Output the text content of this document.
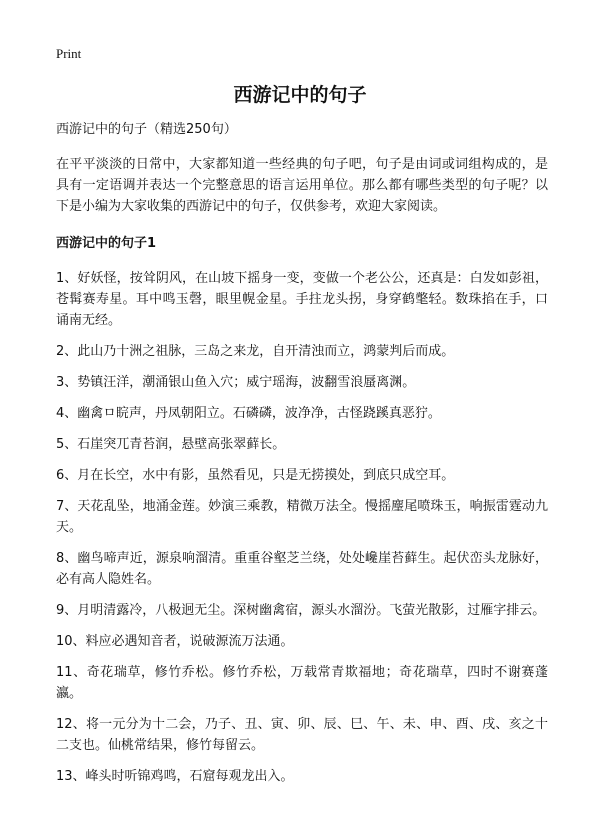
Print
西游记中的句子

西游记中的句子（精选250句）

在平平淡淡的日常中，大家都知道一些经典的句子吧，句子是由词或词组构成的，是具有一定语调并表达一个完整意思的语言运用单位。那么都有哪些类型的句子呢？以下是小编为大家收集的西游记中的句子，仅供参考，欢迎大家阅读。

西游记中的句子1

1、好妖怪，按耸阴风，在山坡下摇身一变，变做一个老公公，还真是：白发如彭祖，苍髯赛寿星。耳中鸣玉磬，眼里幌金星。手拄龙头拐，身穿鹤氅轻。数珠掐在手，口诵南无经。

2、此山乃十洲之祖脉，三岛之来龙，自开清浊而立，鸿蒙判后而成。

3、势镇汪洋，潮涌银山鱼入穴；威宁瑶海，波翻雪浪蜃离渊。

4、幽禽ㅁ睆声，丹凤朝阳立。石磷磷，波净净，古怪跷蹊真恶狞。

5、石崖突兀青苔润，悬壁高张翠藓长。

6、月在长空，水中有影，虽然看见，只是无捞摸处，到底只成空耳。

7、天花乱坠，地涌金莲。妙演三乘教，精微万法全。慢摇麈尾喷珠玉，响振雷霆动九天。

8、幽鸟啼声近，源泉响溜清。重重谷壑芝兰绕，处处巉崖苔藓生。起伏峦头龙脉好，必有高人隐姓名。

9、月明清露冷，八极迥无尘。深树幽禽宿，源头水溜汾。飞萤光散影，过雁字排云。

10、料应必遇知音者，说破源流万法通。

11、奇花瑞草，修竹乔松。修竹乔松，万载常青欺福地；奇花瑞草，四时不谢赛蓬瀛。

12、将一元分为十二会，乃子、丑、寅、卯、辰、巳、午、未、申、酉、戌、亥之十二支也。仙桃常结果，修竹每留云。

13、峰头时听锦鸡鸣，石窟每观龙出入。
